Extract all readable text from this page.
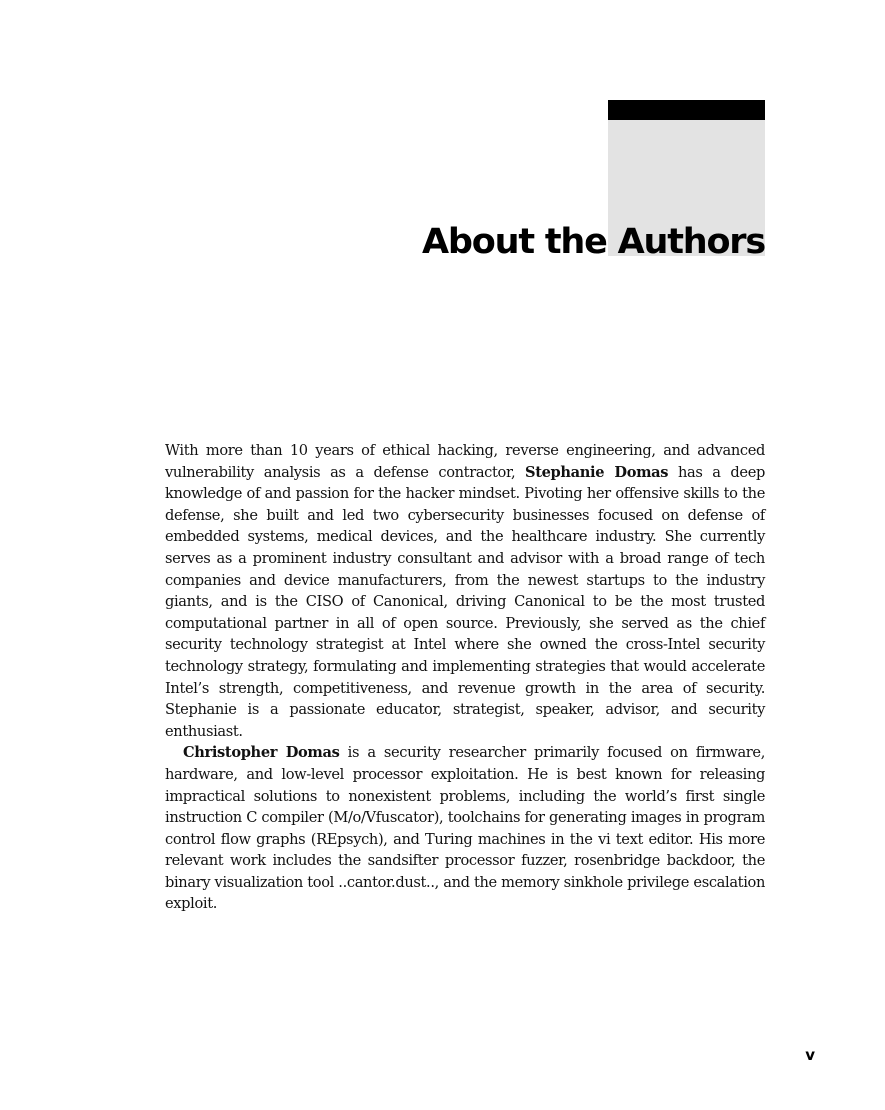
About the Authors

With more than 10 years of ethical hacking, reverse engineering, and advanced vulnerability analysis as a defense contractor, Stephanie Domas has a deep knowledge of and passion for the hacker mindset. Pivoting her offensive skills to the defense, she built and led two cybersecurity businesses focused on defense of embedded systems, medical devices, and the healthcare industry. She currently serves as a prominent industry consultant and advisor with a broad range of tech companies and device manufacturers, from the newest startups to the industry giants, and is the CISO of Canonical, driving Canonical to be the most trusted computational partner in all of open source. Previously, she served as the chief security technology strategist at Intel where she owned the cross-Intel security technology strategy, formulating and implementing strategies that would accelerate Intel’s strength, competitiveness, and revenue growth in the area of security. Stephanie is a passionate educator, strategist, speaker, advisor, and security enthusiast.

Christopher Domas is a security researcher primarily focused on firmware, hardware, and low-level processor exploitation. He is best known for releasing impractical solutions to nonexistent problems, including the world’s first single instruction C compiler (M/o/Vfuscator), toolchains for generating images in program control flow graphs (REpsych), and Turing machines in the vi text editor. His more relevant work includes the sandsifter processor fuzzer, rosenbridge backdoor, the binary visualization tool ..cantor.dust.., and the memory sinkhole privilege escalation exploit.

v
